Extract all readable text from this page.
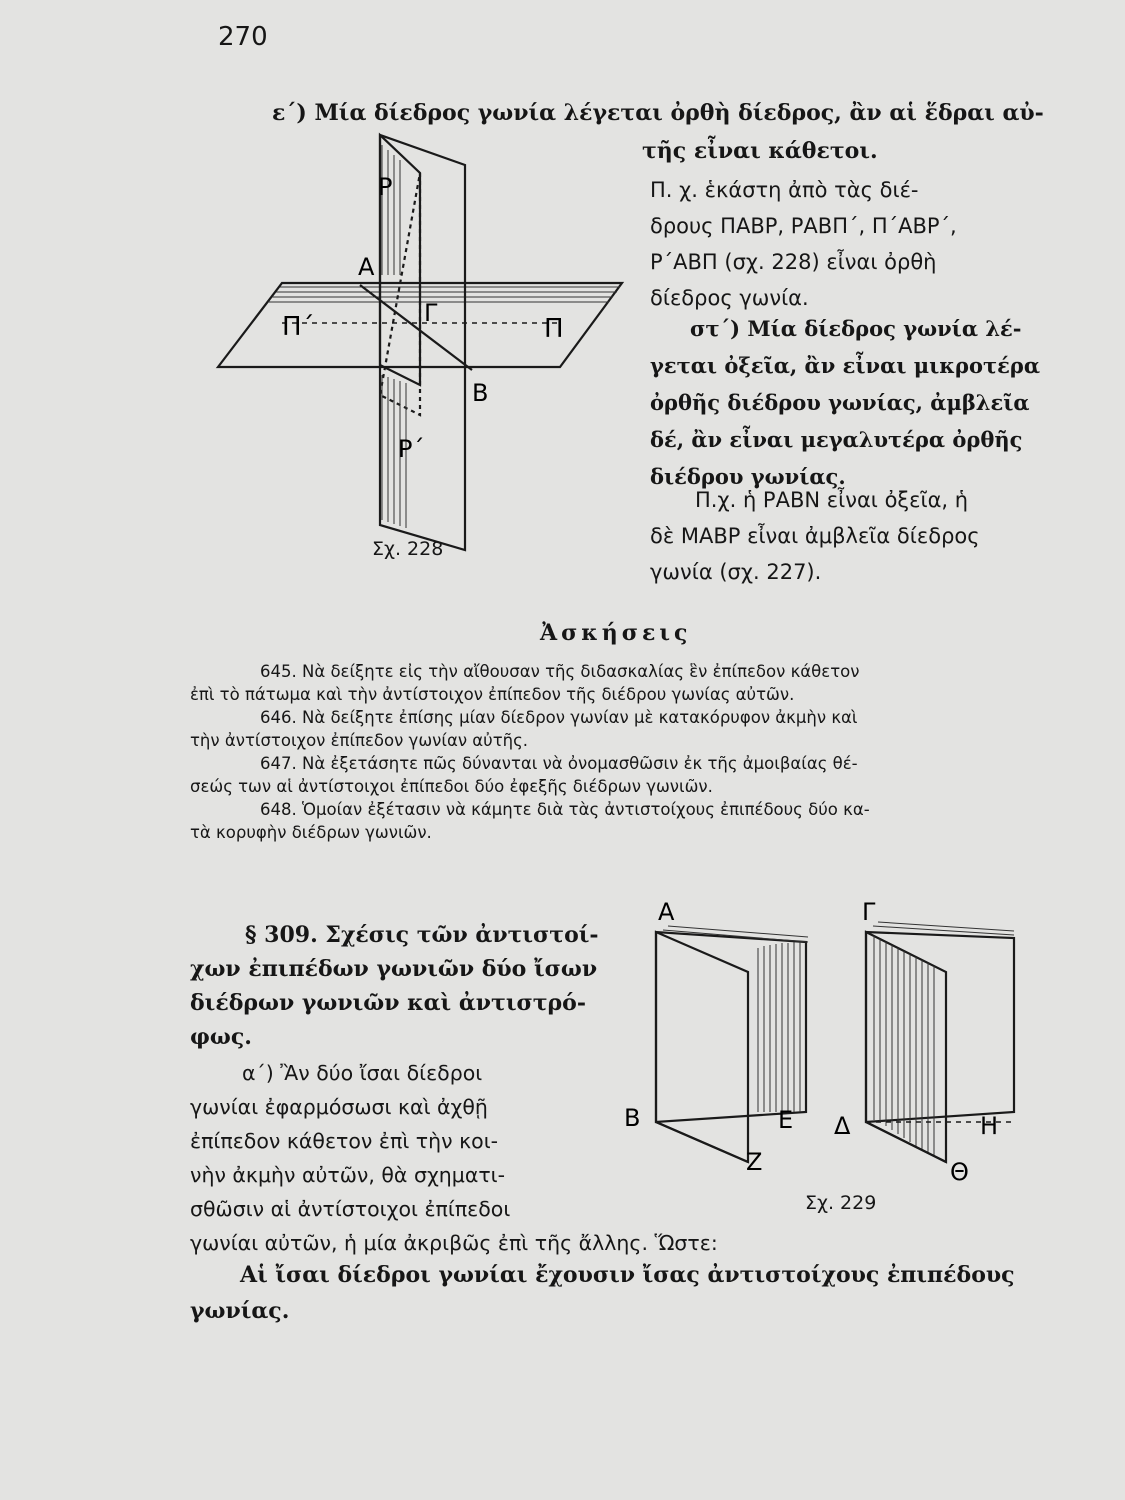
270
ε΄) Μία δίεδρος γωνία λέγεται ὀρθὴ δίεδρος, ἂν αἱ ἕδραι αὐ-
τῆς εἶναι κάθετοι.
Π. χ. ἑκάστη ἀπὸ τὰς διέ-
δρους ΠΑΒΡ, ΡΑΒΠ΄, Π΄ΑΒΡ΄,
Ρ΄ΑΒΠ (σχ. 228) εἶναι ὀρθὴ
δίεδρος γωνία.
στ΄) Μία δίεδρος γωνία λέ-
γεται ὀξεῖα, ἂν εἶναι μικροτέρα
ὀρθῆς διέδρου γωνίας, ἀμβλεῖα
δέ, ἂν εἶναι μεγαλυτέρα ὀρθῆς
διέδρου γωνίας.
Π.χ. ἡ ΡΑΒΝ εἶναι ὀξεῖα, ἡ
δὲ ΜΑΒΡ εἶναι ἀμβλεῖα δίεδρος
γωνία (σχ. 227).
Ρ
Α
Π΄	Γ
Π
Β
Ρ΄
Σχ. 228
Ἀσκήσεις
645. Νὰ δείξητε εἰς τὴν αἴθουσαν τῆς διδασκαλίας ἓν ἐπίπεδον κάθετον
ἐπὶ τὸ πάτωμα καὶ τὴν ἀντίστοιχον ἐπίπεδον τῆς διέδρου γωνίας αὐτῶν.
646. Νὰ δείξητε ἐπίσης μίαν δίεδρον γωνίαν μὲ κατακόρυφον ἀκμὴν καὶ
τὴν ἀντίστοιχον ἐπίπεδον γωνίαν αὐτῆς.
647. Νὰ ἐξετάσητε πῶς δύνανται νὰ ὀνομασθῶσιν ἐκ τῆς ἀμοιβαίας θέ-
σεώς των αἱ ἀντίστοιχοι ἐπίπεδοι δύο ἐφεξῆς διέδρων γωνιῶν.
648. Ὁμοίαν ἐξέτασιν νὰ κάμητε διὰ τὰς ἀντιστοίχους ἐπιπέδους δύο κα-
τὰ κορυφὴν διέδρων γωνιῶν.
§ 309. Σχέσις τῶν ἀντιστοί-
χων ἐπιπέδων γωνιῶν δύο ἴσων
διέδρων γωνιῶν καὶ ἀντιστρό-
φως.
α΄) Ἂν δύο ἴσαι δίεδροι
γωνίαι ἐφαρμόσωσι καὶ ἀχθῇ
ἐπίπεδον κάθετον ἐπὶ τὴν κοι-
νὴν ἀκμὴν αὐτῶν, θὰ σχηματι-
σθῶσιν αἱ ἀντίστοιχοι ἐπίπεδοι
γωνίαι αὐτῶν, ἡ μία ἀκριβῶς ἐπὶ τῆς ἄλλης. Ὥστε:
Αἱ ἴσαι δίεδροι γωνίαι ἔχουσιν ἴσας ἀντιστοίχους ἐπιπέδους
γωνίας.
Α	Γ
Β	Ε
Ζ
Δ	Η
Θ
Σχ. 229
